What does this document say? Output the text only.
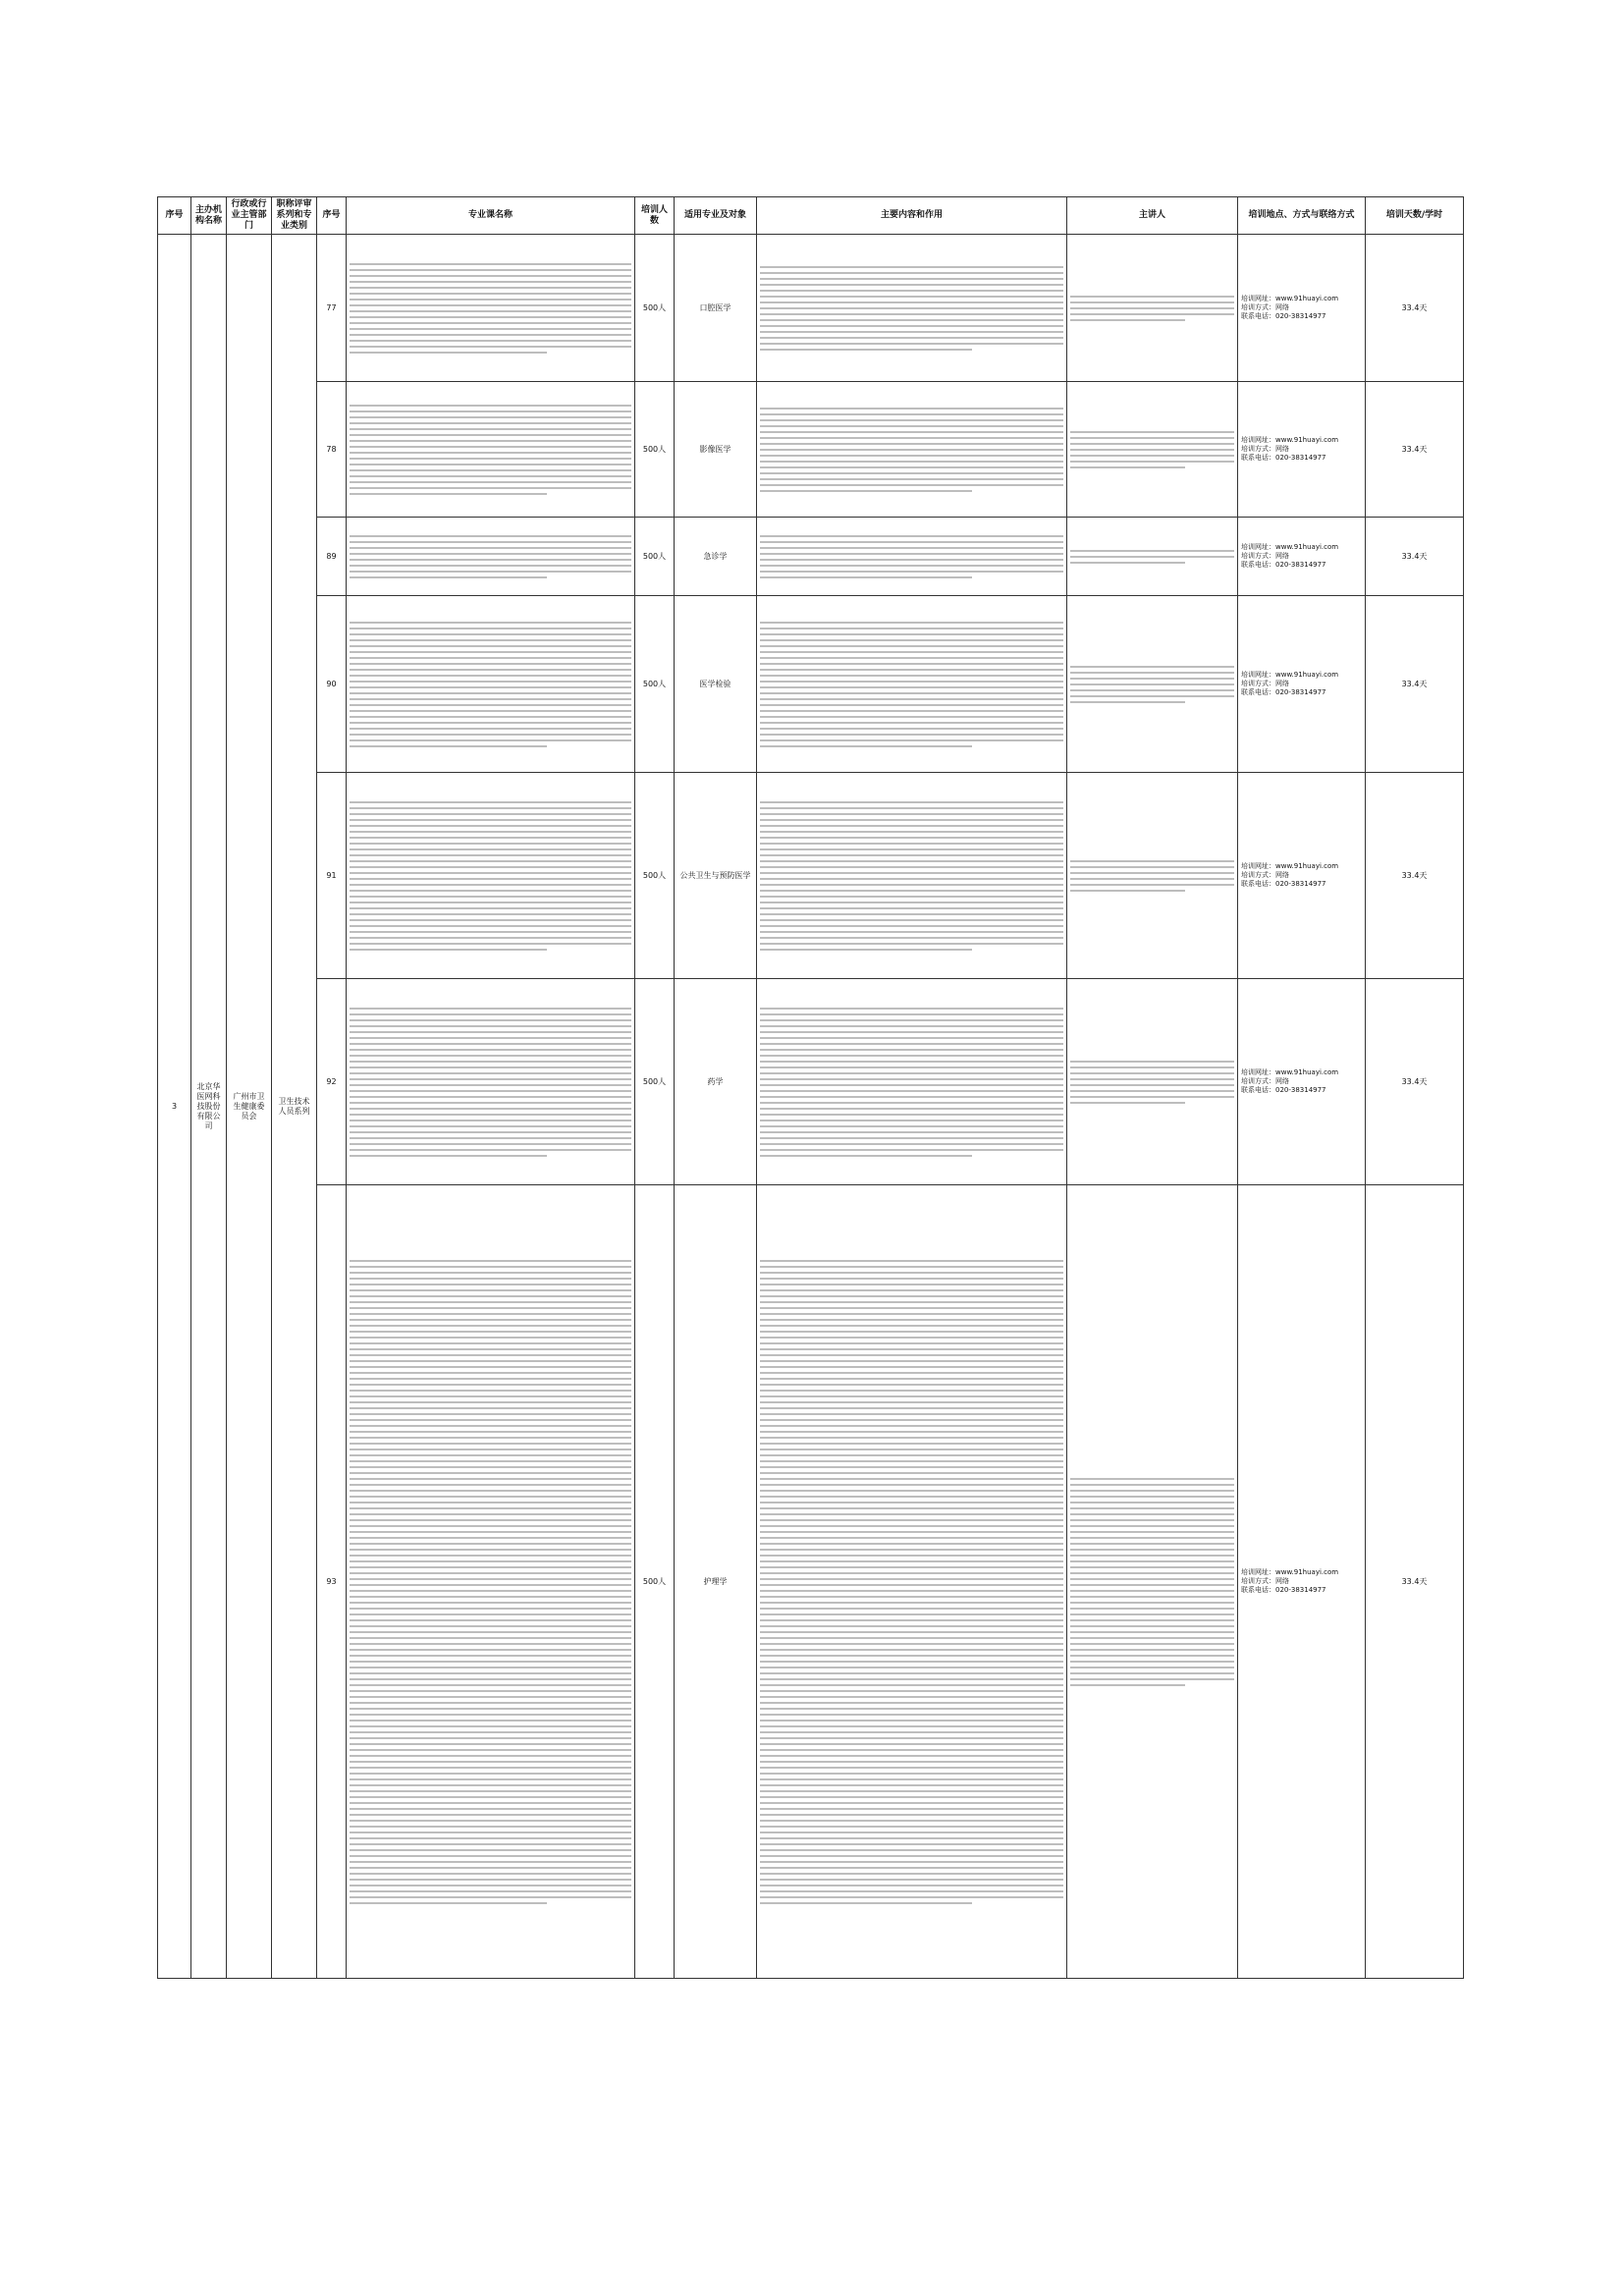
序号	主办机构名称	行政或行业主管部门	职称评审系列和专业类别	序号	专业课名称	培训人数	适用专业及对象	主要内容和作用	主讲人	培训地点、方式与联络方式	培训天数/学时
3	北京华医网科技股份有限公司	广州市卫生健康委员会	卫生技术人员系列	77		500人	口腔医学			培训网址：www.91huayi.com
培训方式：网络
联系电话：020-38314977	33.4天
				78		500人	影像医学			培训网址：www.91huayi.com
培训方式：网络
联系电话：020-38314977	33.4天
				89		500人	急诊学			培训网址：www.91huayi.com
培训方式：网络
联系电话：020-38314977	33.4天
				90		500人	医学检验			培训网址：www.91huayi.com
培训方式：网络
联系电话：020-38314977	33.4天
				91		500人	公共卫生与预防医学			培训网址：www.91huayi.com
培训方式：网络
联系电话：020-38314977	33.4天
				92		500人	药学			培训网址：www.91huayi.com
培训方式：网络
联系电话：020-38314977	33.4天
				93		500人	护理学			培训网址：www.91huayi.com
培训方式：网络
联系电话：020-38314977	33.4天
